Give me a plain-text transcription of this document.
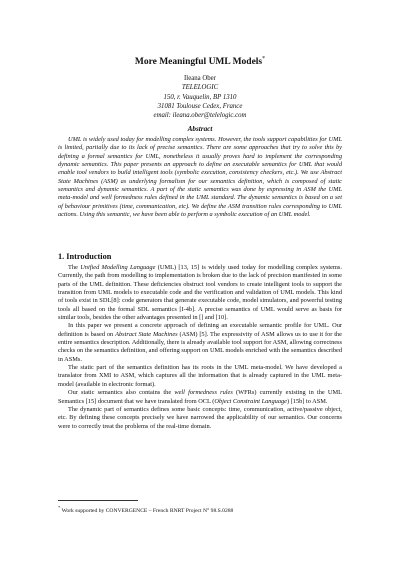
More Meaningful UML Models*
Ileana Ober
TELELOGIC
150, r. Vauquelin, BP 1310
31081 Toulouse Cedex, France
email: ileana.ober@telelogic.com
Abstract

UML is widely used today for modelling complex systems. However, the tools support capabilities for UML is limited, partially due to its lack of precise semantics. There are some approaches that try to solve this by defining a formal semantics for UML, nonetheless it usually proves hard to implement the corresponding dynamic semantics. This paper presents an approach to define an executable semantics for UML that would enable tool vendors to build intelligent tools (symbolic execution, consistency checkers, etc.). We use Abstract State Machines (ASM) as underlying formalism for our semantics definition, which is composed of static semantics and dynamic semantics. A part of the static semantics was done by expressing in ASM the UML meta-model and well formedness rules defined in the UML standard. The dynamic semantics is based on a set of behaviour primitives (time, communication, etc). We define the ASM transition rules corresponding to UML actions. Using this semantic, we have been able to perform a symbolic execution of an UML model.

1. Introduction

The Unified Modelling Language (UML) [13, 15] is widely used today for modelling complex systems. Currently, the path from modelling to implementation is broken due to the lack of precision manifested in some parts of the UML definition. These deficiencies obstruct tool vendors to create intelligent tools to support the transition from UML models to executable code and the verification and validation of UML models. This kind of tools exist in SDL[8]: code generators that generate executable code, model simulators, and powerful testing tools all based on the formal SDL semantics [I-4b]. A precise semantics of UML would serve as basis for similar tools, besides the other advantages presented in [] and [10].

In this paper we present a concrete approach of defining an executable semantic profile for UML. Our definition is based on Abstract State Machines (ASM) [5]. The expressivity of ASM allows us to use it for the entire semantics description. Additionally, there is already available tool support for ASM, allowing correctness checks on the semantics definition, and offering support on UML models enriched with the semantics described in ASMs.

The static part of the semantics definition has its roots in the UML meta-model. We have developed a translator from XMI to ASM, which captures all the information that is already captured in the UML meta-model (available in electronic format).

Our static semantics also contains the well formedness rules (WFRs) currently existing in the UML Semantics [15] document that we have translated from OCL (Object Constraint Language) [15b] to ASM.

The dynamic part of semantics defines some basic concepts: time, communication, active/passive object, etc. By defining these concepts precisely we have narrowed the applicability of our semantics. Our concerns were to correctly treat the problems of the real-time domain.

* Work supported by CONVERGENCE – French RNRT Project N° 98.S.0288
